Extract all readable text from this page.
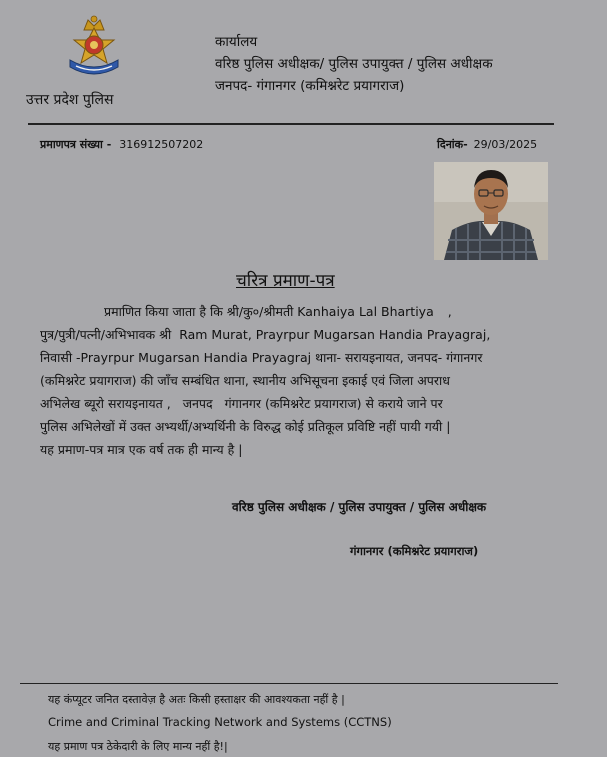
उत्तर प्रदेश पुलिस
कार्यालय
वरिष्ठ पुलिस अधीक्षक/ पुलिस उपायुक्त / पुलिस अधीक्षक
जनपद- गंगानगर (कमिश्नरेट प्रयागराज)
प्रमाणपत्र संख्या - 316912507202	दिनांक- 29/03/2025
चरित्र प्रमाण-पत्र
प्रमाणित किया जाता है कि श्री/कु०/श्रीमती Kanhaiya Lal Bhartiya ,
पुत्र/पुत्री/पत्नी/अभिभावक श्री Ram Murat, Prayrpur Mugarsan Handia Prayagraj,
निवासी -Prayrpur Mugarsan Handia Prayagraj थाना- सरायइनायत, जनपद- गंगानगर
(कमिश्नरेट प्रयागराज) की जाँच सम्बंधित थाना, स्थानीय अभिसूचना इकाई एवं जिला अपराध
अभिलेख ब्यूरो सरायइनायत , जनपद गंगानगर (कमिश्नरेट प्रयागराज) से कराये जाने पर
पुलिस अभिलेखों में उक्त अभ्यर्थी/अभ्यर्थिनी के विरुद्ध कोई प्रतिकूल प्रविष्टि नहीं पायी गयी |
यह प्रमाण-पत्र मात्र एक वर्ष तक ही मान्य है |
वरिष्ठ पुलिस अधीक्षक / पुलिस उपायुक्त / पुलिस अधीक्षक
गंगानगर (कमिश्नरेट प्रयागराज)
यह कंप्यूटर जनित दस्तावेज़ है अतः किसी हस्ताक्षर की आवश्यकता नहीं है |
Crime and Criminal Tracking Network and Systems (CCTNS)
यह प्रमाण पत्र ठेकेदारी के लिए मान्य नहीं है!|
